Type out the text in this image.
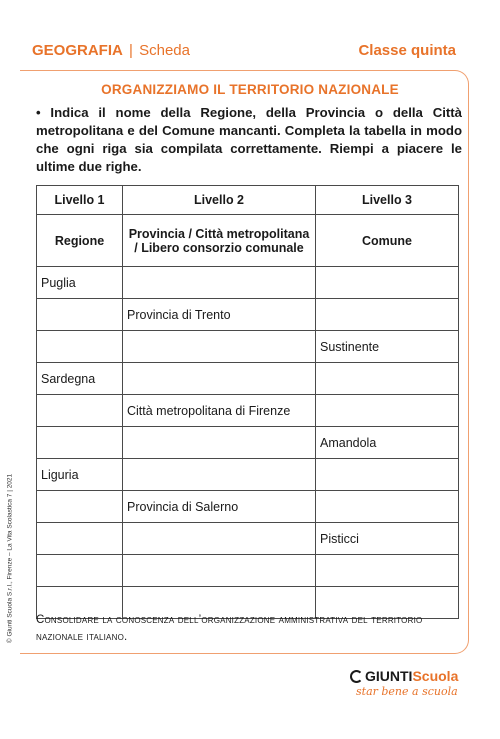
GEOGRAFIA | Scheda	Classe quinta
ORGANIZZIAMO IL TERRITORIO NAZIONALE
• Indica il nome della Regione, della Provincia o della Città metropolitana e del Comune mancanti. Completa la tabella in modo che ogni riga sia compilata correttamente. Riempi a piacere le ultime due righe.
Livello 1	Livello 2	Livello 3
Regione	Provincia / Città metropolitana / Libero consorzio comunale	Comune
Puglia		
	Provincia di Trento	
		Sustinente
Sardegna		
	Città metropolitana di Firenze	
		Amandola
Liguria		
	Provincia di Salerno	
		Pisticci

Consolidare la conoscenza dell’organizzazione amministrativa del territorio nazionale italiano.
© Giunti Scuola S.r.l., Firenze – La Vita Scolastica 7 | 2021
GIUNTIScuola
star bene a scuola
